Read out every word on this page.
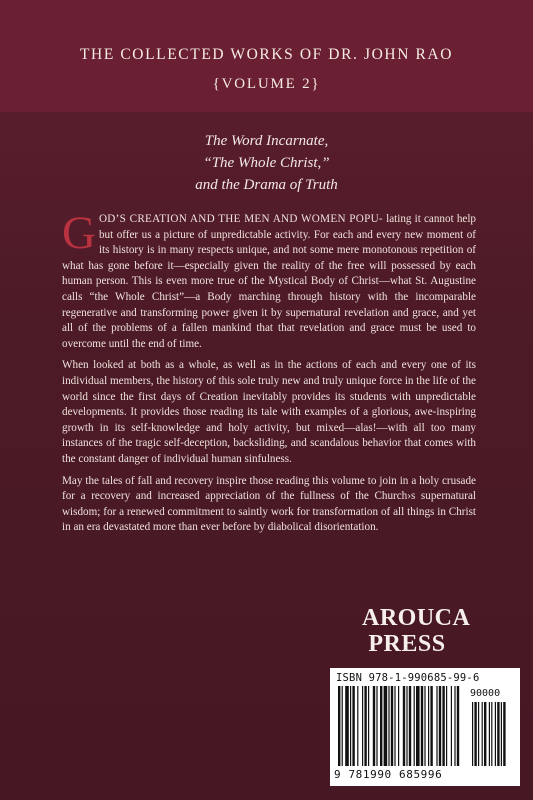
THE COLLECTED WORKS OF DR. JOHN RAO
{VOLUME 2}
The Word Incarnate,
“The Whole Christ,”
and the Drama of Truth

GOD’S CREATION AND THE MEN AND WOMEN POPU- lating it cannot help but offer us a picture of unpredictable activity. For each and every new moment of its history is in many respects unique, and not some mere monotonous repetition of what has gone before it—especially given the reality of the free will possessed by each human person. This is even more true of the Mystical Body of Christ—what St. Augustine calls “the Whole Christ”—a Body marching through history with the incomparable regenerative and transforming power given it by supernatural revelation and grace, and yet all of the problems of a fallen mankind that that revelation and grace must be used to overcome until the end of time.

When looked at both as a whole, as well as in the actions of each and every one of its individual members, the history of this sole truly new and truly unique force in the life of the world since the first days of Creation inevitably provides its students with unpredictable developments. It provides those reading its tale with examples of a glorious, awe-inspiring growth in its self-knowledge and holy activity, but mixed—alas!—with all too many instances of the tragic self-deception, backsliding, and scandalous behavior that comes with the constant danger of individual human sinfulness.

May the tales of fall and recovery inspire those reading this volume to join in a holy crusade for a recovery and increased appreciation of the fullness of the Church›s supernatural wisdom; for a renewed commitment to saintly work for transformation of all things in Christ in an era devastated more than ever before by diabolical disorientation.

AROUCA
PRESS
ISBN 978-1-990685-99-6
90000
9 781990 685996
